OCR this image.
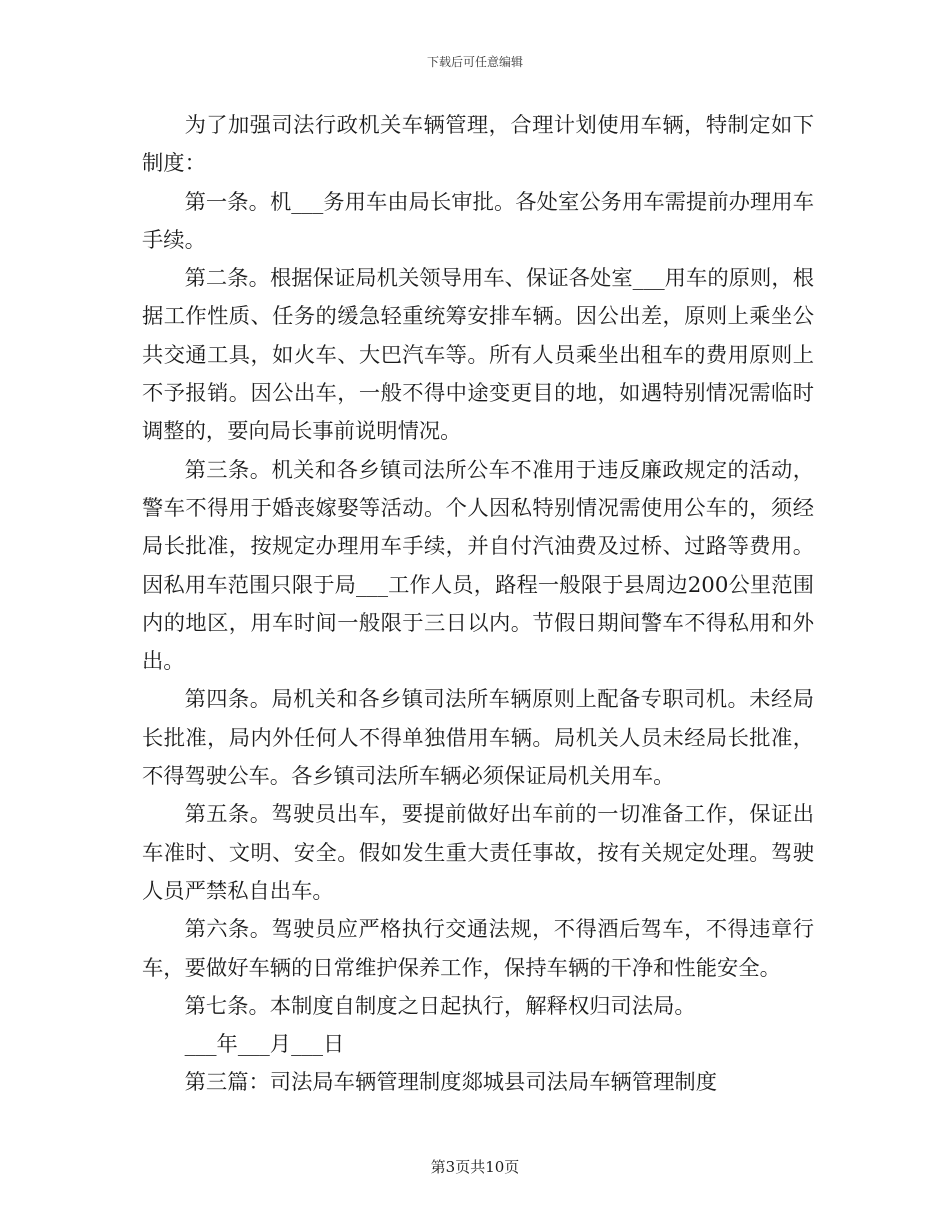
下载后可任意编辑

为了加强司法行政机关车辆管理，合理计划使用车辆，特制定如下制度：

第一条。机___务用车由局长审批。各处室公务用车需提前办理用车手续。

第二条。根据保证局机关领导用车、保证各处室___用车的原则，根据工作性质、任务的缓急轻重统筹安排车辆。因公出差，原则上乘坐公共交通工具，如火车、大巴汽车等。所有人员乘坐出租车的费用原则上不予报销。因公出车，一般不得中途变更目的地，如遇特别情况需临时调整的，要向局长事前说明情况。

第三条。机关和各乡镇司法所公车不准用于违反廉政规定的活动，警车不得用于婚丧嫁娶等活动。个人因私特别情况需使用公车的，须经局长批准，按规定办理用车手续，并自付汽油费及过桥、过路等费用。因私用车范围只限于局___工作人员，路程一般限于县周边200公里范围内的地区，用车时间一般限于三日以内。节假日期间警车不得私用和外出。

第四条。局机关和各乡镇司法所车辆原则上配备专职司机。未经局长批准，局内外任何人不得单独借用车辆。局机关人员未经局长批准，不得驾驶公车。各乡镇司法所车辆必须保证局机关用车。

第五条。驾驶员出车，要提前做好出车前的一切准备工作，保证出车准时、文明、安全。假如发生重大责任事故，按有关规定处理。驾驶人员严禁私自出车。

第六条。驾驶员应严格执行交通法规，不得酒后驾车，不得违章行车，要做好车辆的日常维护保养工作，保持车辆的干净和性能安全。

第七条。本制度自制度之日起执行，解释权归司法局。

___年___月___日

第三篇：司法局车辆管理制度郯城县司法局车辆管理制度

第3页共10页
